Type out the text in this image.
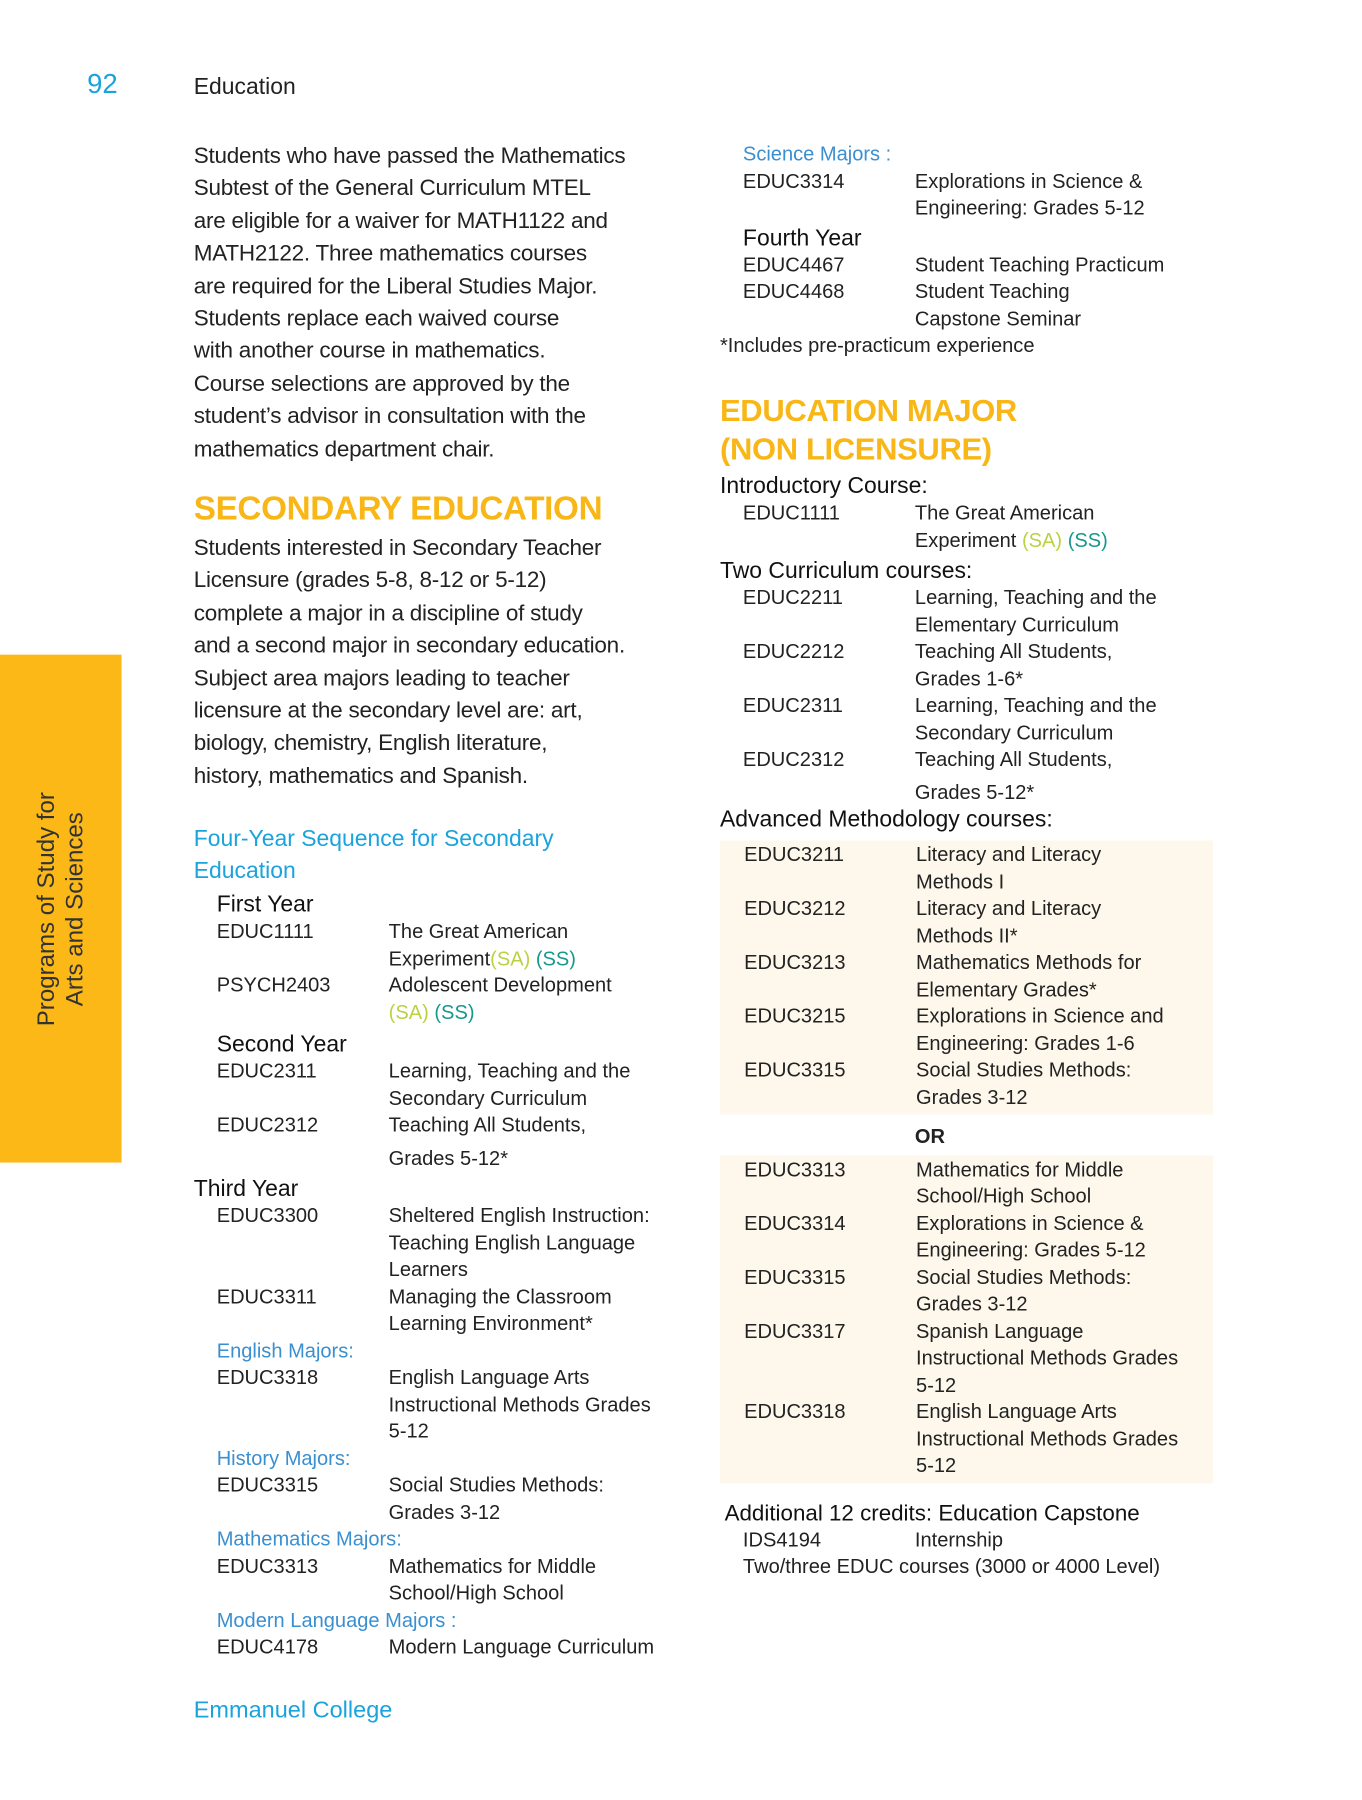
92	Education
Students who have passed the Mathematics
Subtest of the General Curriculum MTEL
are eligible for a waiver for MATH1122 and
MATH2122. Three mathematics courses
are required for the Liberal Studies Major.
Students replace each waived course
with another course in mathematics.
Course selections are approved by the
student’s advisor in consultation with the
mathematics department chair.
SECONDARY EDUCATION
Students interested in Secondary Teacher
Licensure (grades 5-8, 8-12 or 5-12)
complete a major in a discipline of study
and a second major in secondary education.
Subject area majors leading to teacher
licensure at the secondary level are: art,
biology, chemistry, English literature,
history, mathematics and Spanish.
Four-Year Sequence for Secondary
Education
First Year
EDUC1111	The Great American
Experiment(SA) (SS)
PSYCH2403	Adolescent Development
(SA) (SS)
Second Year
EDUC2311	Learning, Teaching and the
Secondary Curriculum
EDUC2312	Teaching All Students,
Grades 5-12*
Third Year
EDUC3300	Sheltered English Instruction:
Teaching English Language
Learners
EDUC3311	Managing the Classroom
Learning Environment*
English Majors:
EDUC3318	English Language Arts
Instructional Methods Grades
5-12
History Majors:
EDUC3315	Social Studies Methods:
Grades 3-12
Mathematics Majors:
EDUC3313	Mathematics for Middle
School/High School
Modern Language Majors :
EDUC4178	Modern Language Curriculum
Science Majors :
EDUC3314	Explorations in Science &
Engineering: Grades 5-12
Fourth Year
EDUC4467	Student Teaching Practicum
EDUC4468	Student Teaching
Capstone Seminar
*Includes pre-practicum experience
EDUCATION MAJOR
(NON LICENSURE)
Introductory Course:
EDUC1111	The Great American
Experiment (SA) (SS)
Two Curriculum courses:
EDUC2211	Learning, Teaching and the
Elementary Curriculum
EDUC2212	Teaching All Students,
Grades 1-6*
EDUC2311	Learning, Teaching and the
Secondary Curriculum
EDUC2312	Teaching All Students,
Grades 5-12*
Advanced Methodology courses:
EDUC3211	Literacy and Literacy
Methods I
EDUC3212	Literacy and Literacy
Methods II*
EDUC3213	Mathematics Methods for
Elementary Grades*
EDUC3215	Explorations in Science and
Engineering: Grades 1-6
EDUC3315	Social Studies Methods:
Grades 3-12
OR
EDUC3313	Mathematics for Middle
School/High School
EDUC3314	Explorations in Science &
Engineering: Grades 5-12
EDUC3315	Social Studies Methods:
Grades 3-12
EDUC3317	Spanish Language
Instructional Methods Grades
5-12
EDUC3318	English Language Arts
Instructional Methods Grades
5-12
Additional 12 credits: Education Capstone
IDS4194	Internship
Two/three EDUC courses (3000 or 4000 Level)
Programs of Study for Arts and Sciences
Emmanuel College
